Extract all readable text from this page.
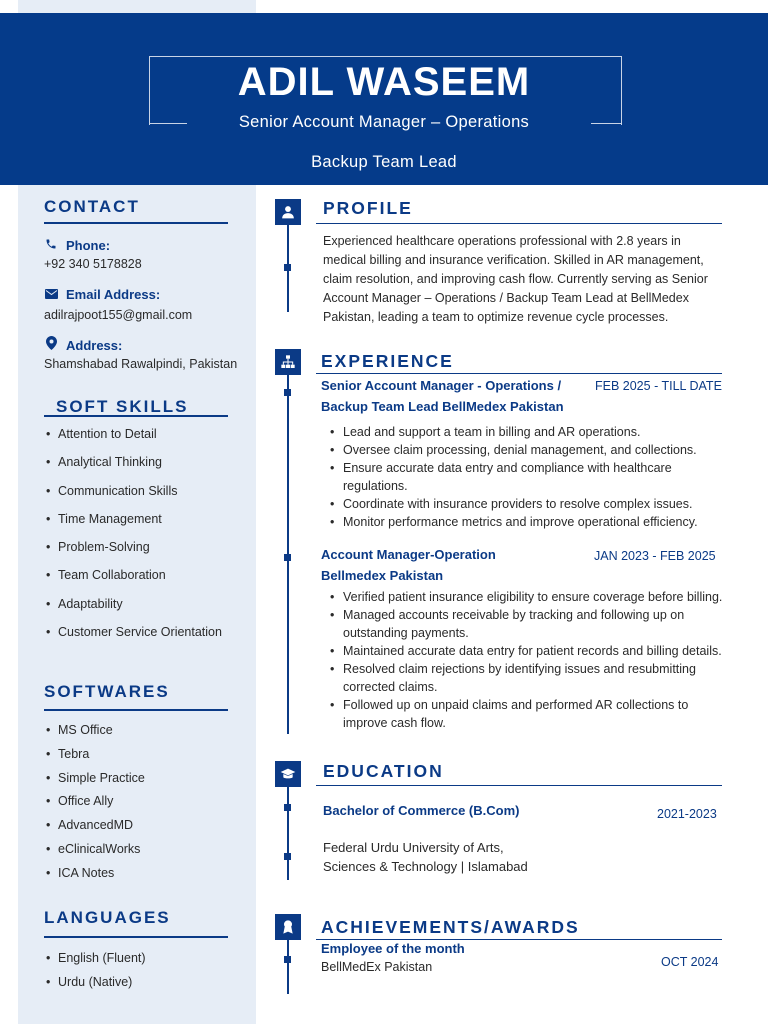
ADIL WASEEM
Senior Account Manager – Operations
Backup Team Lead
CONTACT
Phone:
+92 340 5178828
Email Address:
adilrajpoot155@gmail.com
Address:
Shamshabad Rawalpindi, Pakistan
SOFT SKILLS
• Attention to Detail
• Analytical Thinking
• Communication Skills
• Time Management
• Problem-Solving
• Team Collaboration
• Adaptability
• Customer Service Orientation
SOFTWARES
• MS Office
• Tebra
• Simple Practice
• Office Ally
• AdvancedMD
• eClinicalWorks
• ICA Notes
LANGUAGES
• English (Fluent)
• Urdu (Native)
PROFILE
Experienced healthcare operations professional with 2.8 years in medical billing and insurance verification. Skilled in AR management, claim resolution, and improving cash flow. Currently serving as Senior Account Manager – Operations / Backup Team Lead at BellMedex Pakistan, leading a team to optimize revenue cycle processes.
EXPERIENCE
Senior Account Manager - Operations /
Backup Team Lead BellMedex Pakistan
FEB 2025 - TILL DATE
• Lead and support a team in billing and AR operations.
• Oversee claim processing, denial management, and collections.
• Ensure accurate data entry and compliance with healthcare regulations.
• Coordinate with insurance providers to resolve complex issues.
• Monitor performance metrics and improve operational efficiency.
Account Manager-Operation
Bellmedex Pakistan
JAN 2023 - FEB 2025
• Verified patient insurance eligibility to ensure coverage before billing.
• Managed accounts receivable by tracking and following up on outstanding payments.
• Maintained accurate data entry for patient records and billing details.
• Resolved claim rejections by identifying issues and resubmitting corrected claims.
• Followed up on unpaid claims and performed AR collections to improve cash flow.
EDUCATION
Bachelor of Commerce (B.Com)	2021-2023
Federal Urdu University of Arts, Sciences & Technology | Islamabad
ACHIEVEMENTS/AWARDS
Employee of the month
BellMedEx Pakistan	OCT 2024
